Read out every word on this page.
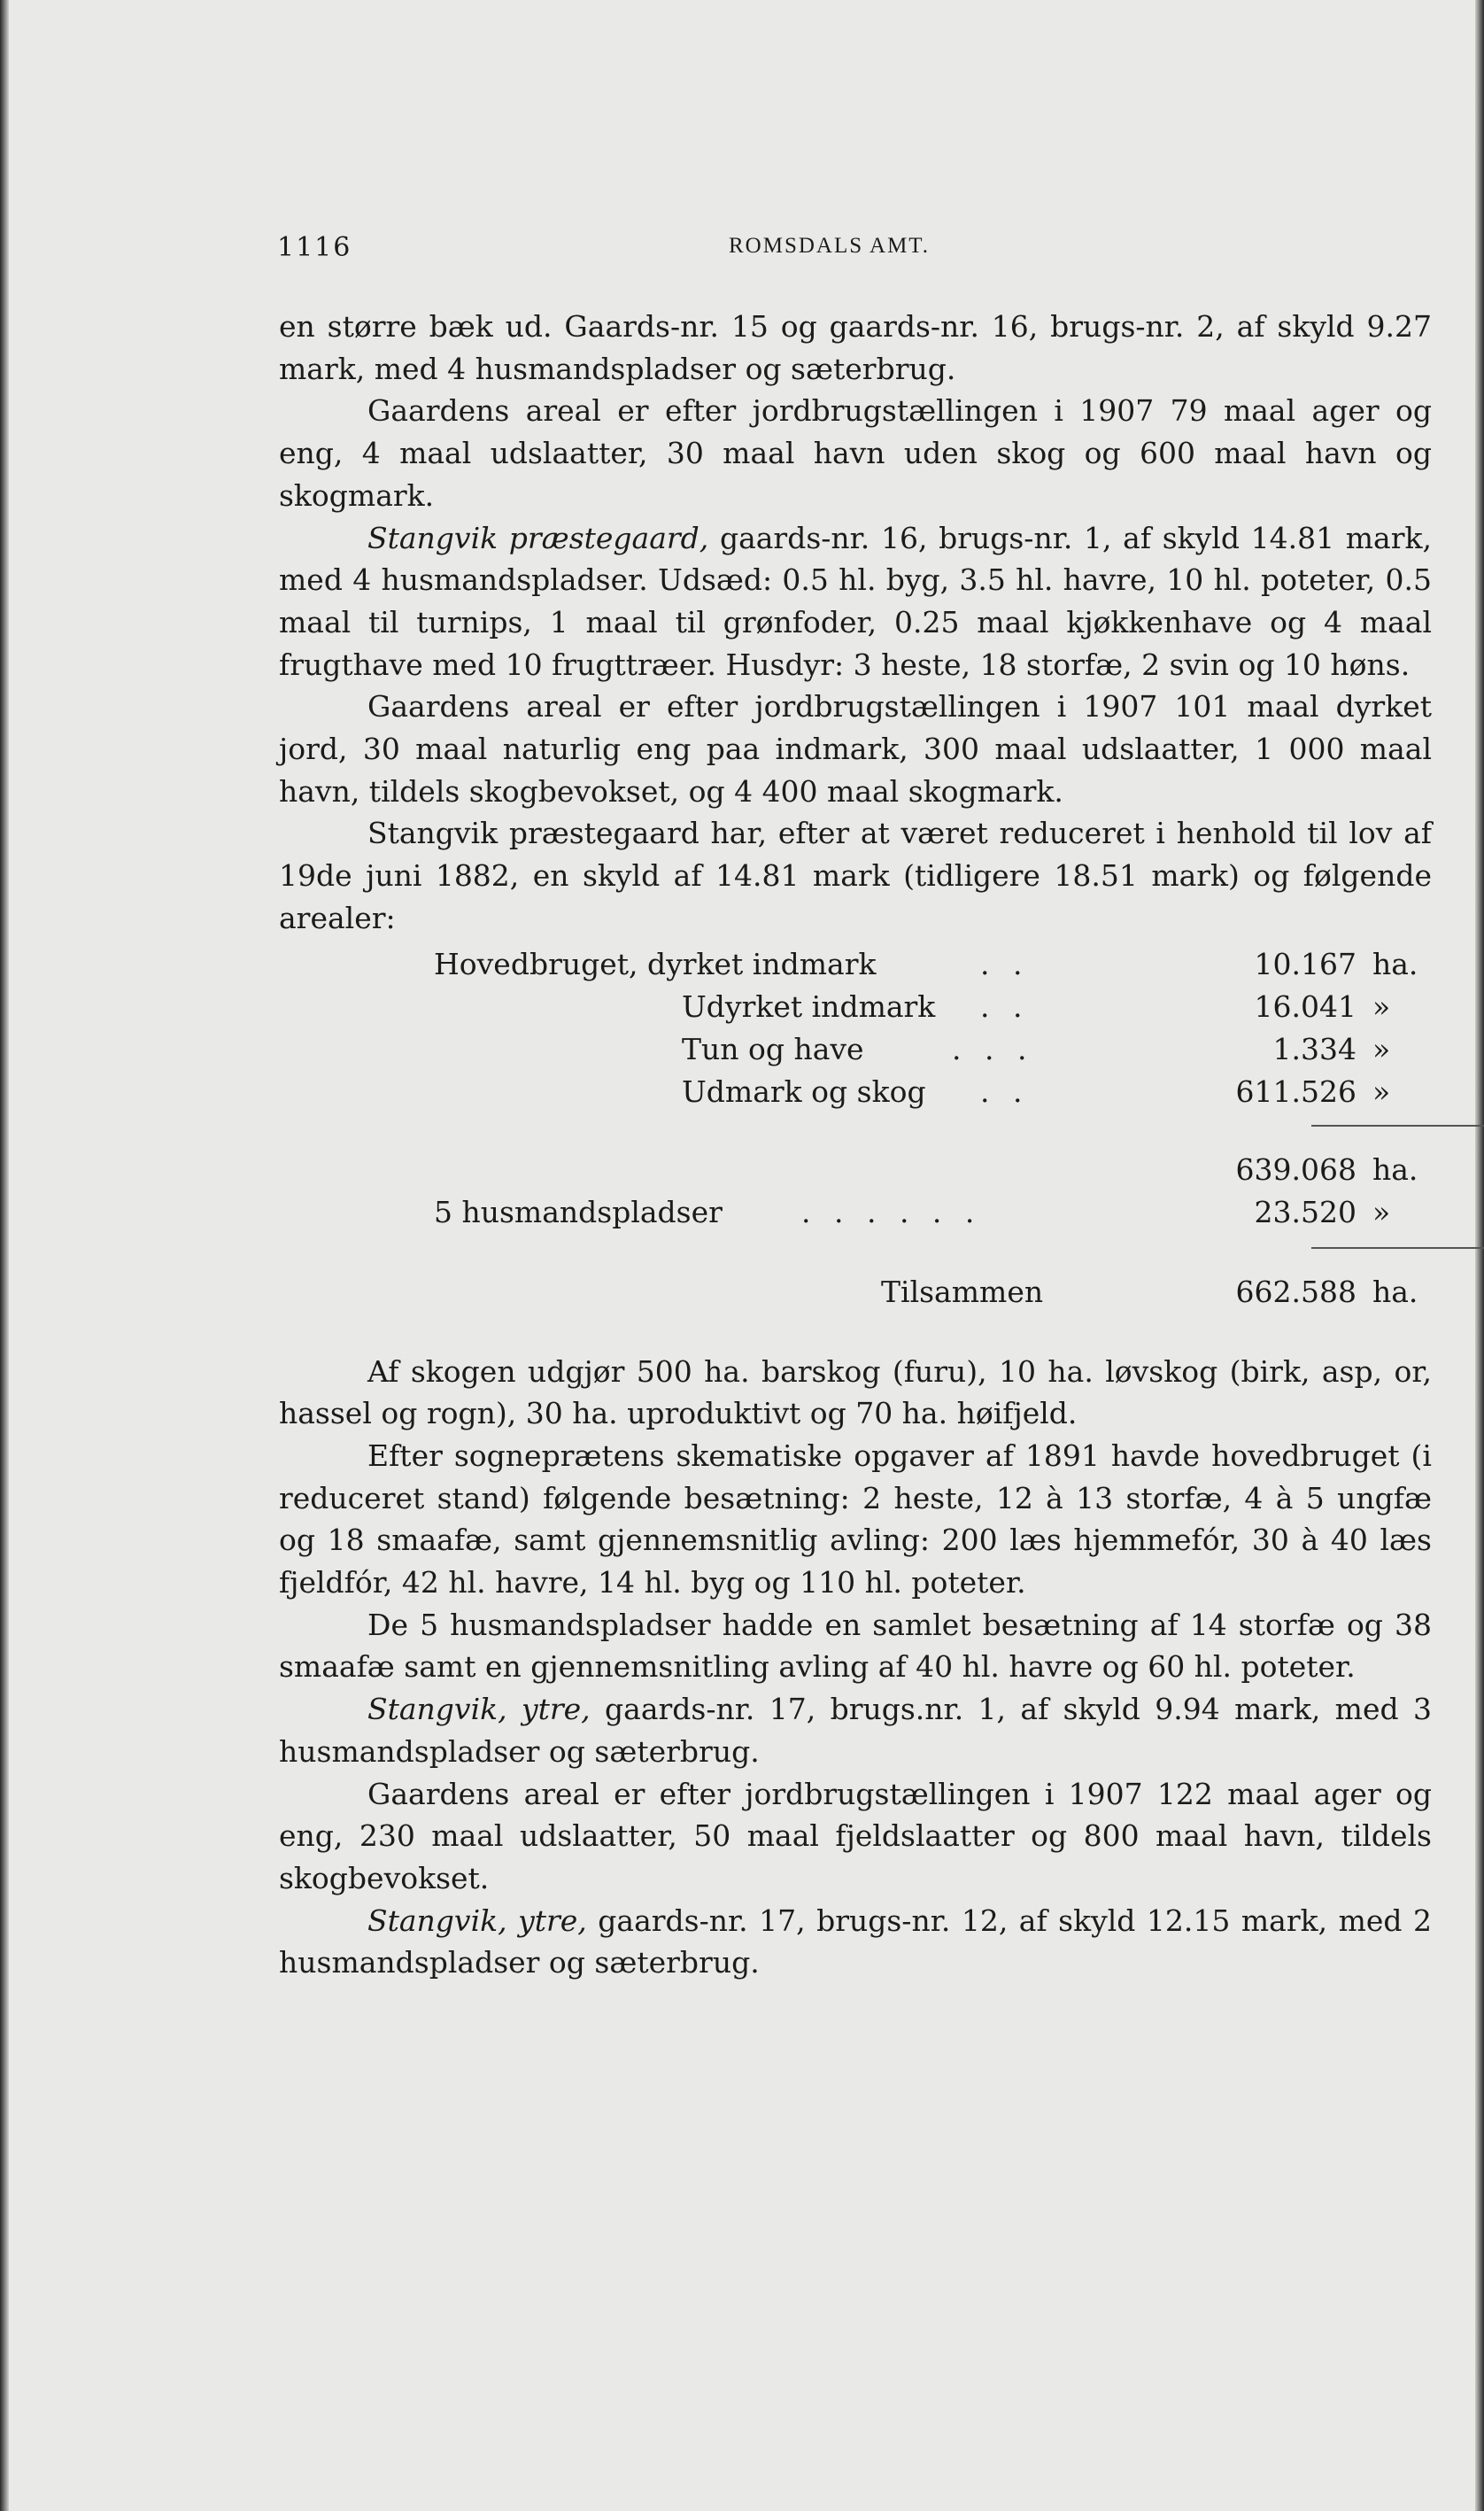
1116	ROMSDALS AMT.

en større bæk ud. Gaards-nr. 15 og gaards-nr. 16, brugs-nr. 2, af skyld 9.27 mark, med 4 husmandspladser og sæterbrug.

Gaardens areal er efter jordbrugstællingen i 1907 79 maal ager og eng, 4 maal udslaatter, 30 maal havn uden skog og 600 maal havn og skogmark.

Stangvik præstegaard, gaards-nr. 16, brugs-nr. 1, af skyld 14.81 mark, med 4 husmandspladser. Udsæd: 0.5 hl. byg, 3.5 hl. havre, 10 hl. poteter, 0.5 maal til turnips, 1 maal til grønfoder, 0.25 maal kjøkkenhave og 4 maal frugthave med 10 frugttræer. Husdyr: 3 heste, 18 storfæ, 2 svin og 10 høns.

Gaardens areal er efter jordbrugstællingen i 1907 101 maal dyrket jord, 30 maal naturlig eng paa indmark, 300 maal udslaatter, 1 000 maal havn, tildels skogbevokset, og 4 400 maal skogmark.

Stangvik præstegaard har, efter at været reduceret i henhold til lov af 19de juni 1882, en skyld af 14.81 mark (tidligere 18.51 mark) og følgende arealer:

Hovedbruget, dyrket indmark	. .	10.167 ha.
Udyrket indmark . .	16.041 »
Tun og have	. . .	1.334 »
Udmark og skog . .	611.526 »
639.068 ha.
5 husmandspladser	. . . . . .	23.520 »
Tilsammen	662.588 ha.

Af skogen udgjør 500 ha. barskog (furu), 10 ha. løvskog (birk, asp, or, hassel og rogn), 30 ha. uproduktivt og 70 ha. høifjeld.

Efter sogneprætens skematiske opgaver af 1891 havde hovedbruget (i reduceret stand) følgende besætning: 2 heste, 12 à 13 storfæ, 4 à 5 ungfæ og 18 smaafæ, samt gjennemsnitlig avling: 200 læs hjemmefór, 30 à 40 læs fjeldfór, 42 hl. havre, 14 hl. byg og 110 hl. poteter.

De 5 husmandspladser hadde en samlet besætning af 14 storfæ og 38 smaafæ samt en gjennemsnitling avling af 40 hl. havre og 60 hl. poteter.

Stangvik, ytre, gaards-nr. 17, brugs.nr. 1, af skyld 9.94 mark, med 3 husmandspladser og sæterbrug.

Gaardens areal er efter jordbrugstællingen i 1907 122 maal ager og eng, 230 maal udslaatter, 50 maal fjeldslaatter og 800 maal havn, tildels skogbevokset.

Stangvik, ytre, gaards-nr. 17, brugs-nr. 12, af skyld 12.15 mark, med 2 husmandspladser og sæterbrug.
